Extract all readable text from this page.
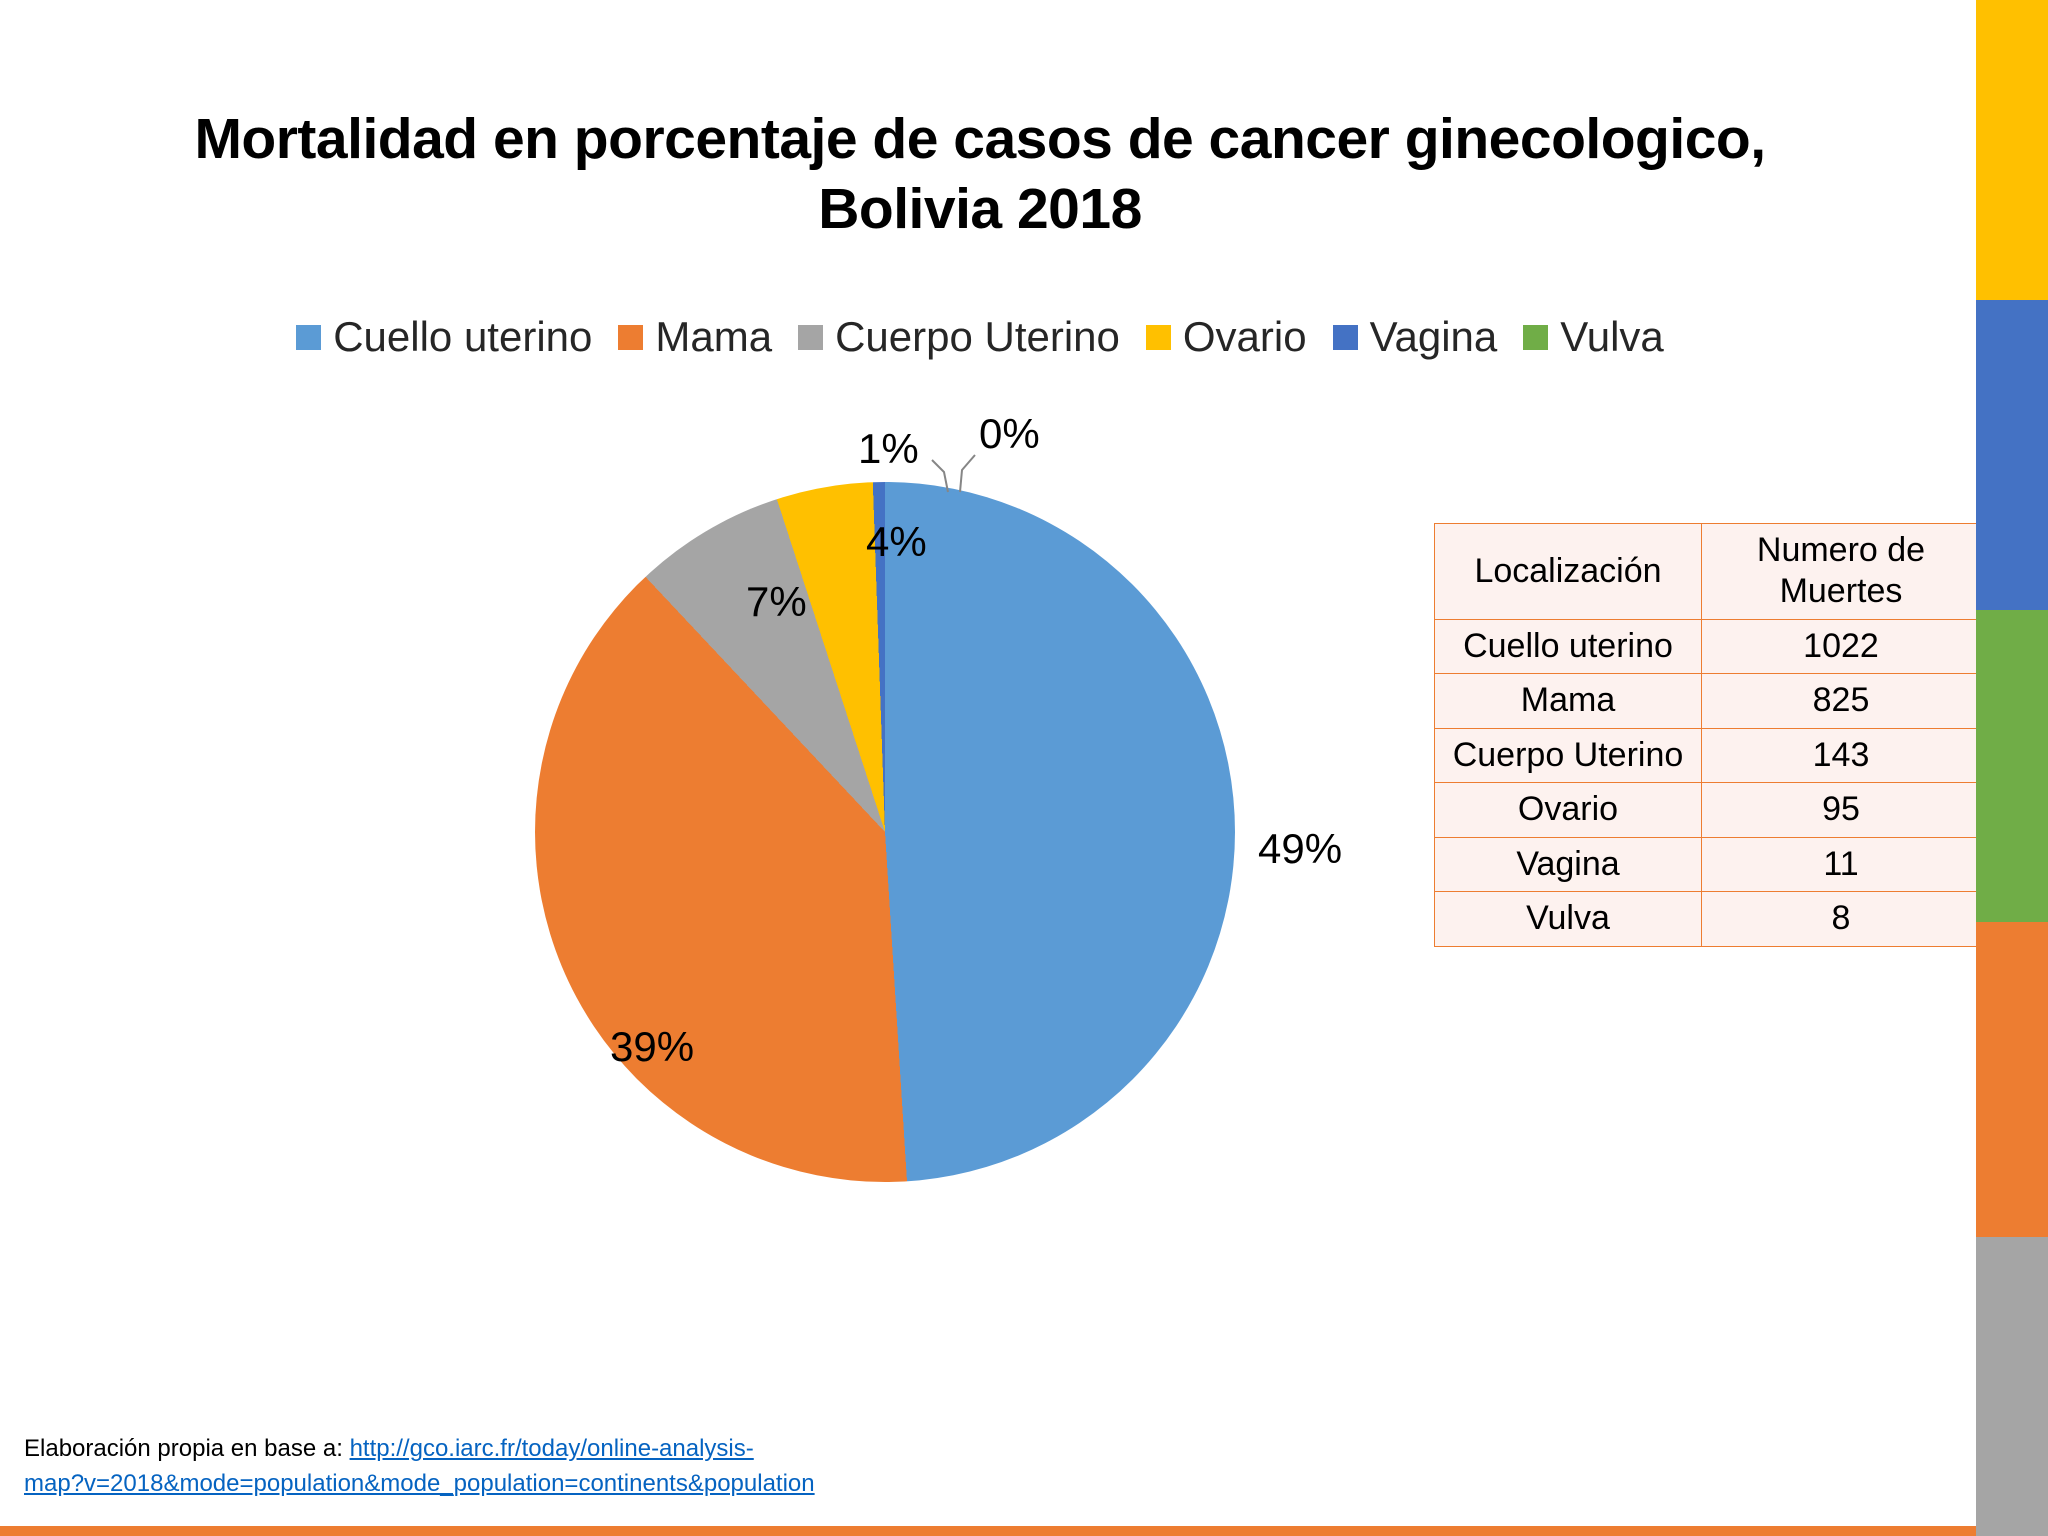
Mortalidad en porcentaje de casos de cancer ginecologico, Bolivia 2018
Cuello uterino Mama Cuerpo Uterino Ovario Vagina Vulva
49%
39%
7%
4%
1% 0%
Localización	Numero de Muertes
Cuello uterino	1022
Mama	825
Cuerpo Uterino	143
Ovario	95
Vagina	11
Vulva	8
Elaboración propia en base a: http://gco.iarc.fr/today/online-analysis-
map?v=2018&mode=population&mode_population=continents&population
